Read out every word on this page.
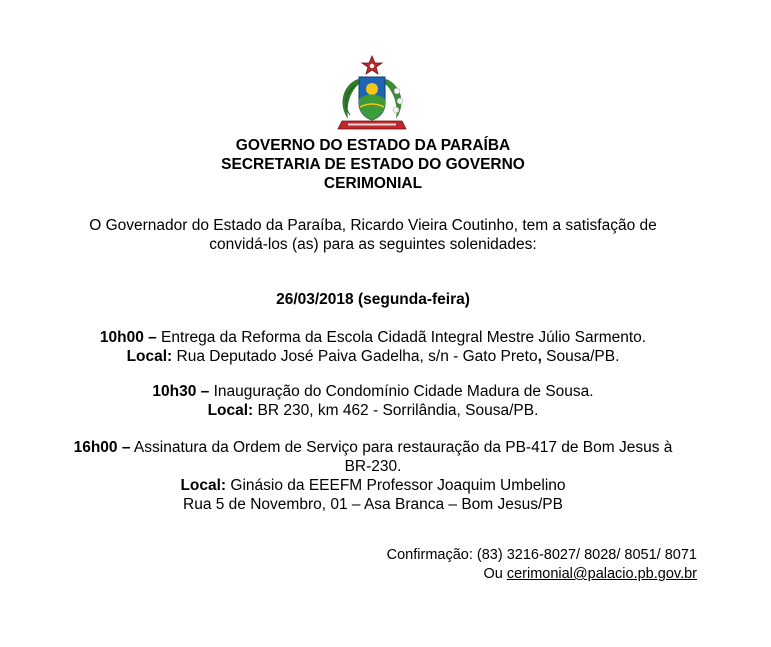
GOVERNO DO ESTADO DA PARAÍBA
SECRETARIA DE ESTADO DO GOVERNO
CERIMONIAL
O Governador do Estado da Paraíba, Ricardo Vieira Coutinho, tem a satisfação de
convidá-los (as) para as seguintes solenidades:
26/03/2018 (segunda-feira)
10h00 – Entrega da Reforma da Escola Cidadã Integral Mestre Júlio Sarmento.
Local: Rua Deputado José Paiva Gadelha, s/n - Gato Preto, Sousa/PB.
10h30 – Inauguração do Condomínio Cidade Madura de Sousa.
Local: BR 230, km 462 - Sorrilândia, Sousa/PB.
16h00 – Assinatura da Ordem de Serviço para restauração da PB-417 de Bom Jesus à
BR-230.
Local: Ginásio da EEEFM Professor Joaquim Umbelino
Rua 5 de Novembro, 01 – Asa Branca – Bom Jesus/PB
Confirmação: (83) 3216-8027/ 8028/ 8051/ 8071
Ou cerimonial@palacio.pb.gov.br
